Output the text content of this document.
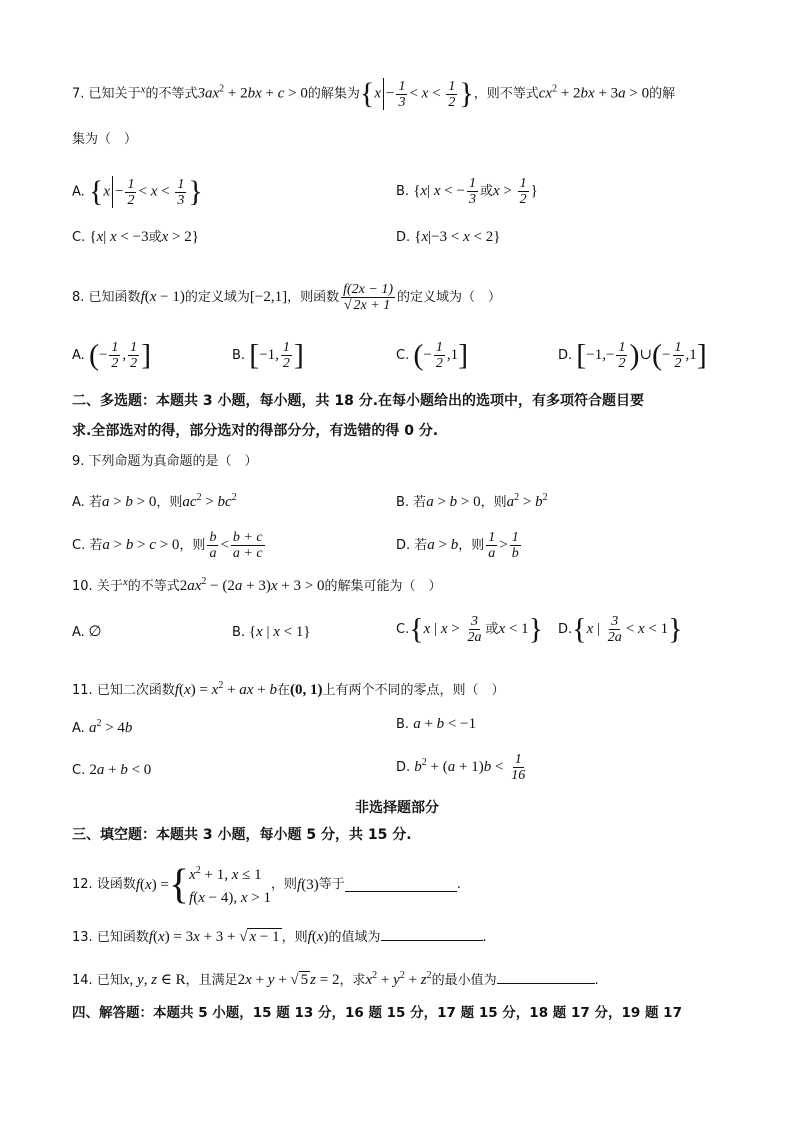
7. 已知关于$^x$的不等式$3ax^2 + 2bx + c > 0$的解集为{$x - \frac{1}{3} < x < \frac{1}{2}$ }，则不等式$cx^2 + 2bx + 3a > 0$的解
集为（　）
A. {$x - \frac{1}{2} < x < \frac{1}{3}$ }	B. {x| x < − $\frac{1}{3}$ 或$x > \frac{1}{2}$ }
C. {x| x < −3或x > 2}	D. {x|−3 < x < 2}
8. 已知函数f(x − 1)的定义域为[−2,1]，则函数 $\frac{f(2x - 1)}{√ 2x + 1}$ 的定义域为（　）
A. (− $\frac{1}{2}$ , $\frac{1}{2}$ ]	B. [−1, $\frac{1}{2}$ ]	C. (− $\frac{1}{2} ,1$]	D. [$-1,- \frac{1}{2}$ )∪(− $\frac{1}{2} ,1$]
二、多选题：本题共 3 小题，每小题，共 18 分.在每小题给出的选项中，有多项符合题目要
求.全部选对的得，部分选对的得部分分，有选错的得 0 分.
9. 下列命题为真命题的是（　）
A. 若a > b > 0，则$ac^2 > bc^2$	B. 若a > b > 0，则$a^2 > b^2$
C. 若a > b > c > 0，则 $\frac{b}{a} < \frac{b + c}{a + c}$	D. 若a > b，则 $\frac{1}{a} > \frac{1}{b}$
10. 关于$^x$的不等式$2ax^2 - (2a + 3)x + 3 > 0$的解集可能为（　）
A. ∅	B. {x | x < 1}	C.{x | $x > \frac{3}{2a}$ 或x < 1} D.{x | $\frac{3}{2a} < x < 1$}
11. 已知二次函数$f(x) = x^2$ + ax + b在(0, 1)上有两个不同的零点，则（　）
A. $a^2 > 4b$	B. a + b < −1
C. 2a + b < 0	D. $b^2 + (a + 1)b < \frac{1}{16}$
非选择题部分
三、填空题：本题共 3 小题，每小题 5 分，共 15 分.
12.
设函数 f ( x ) = { $x^2 + 1$, x ≤ 1
f(x − 4), x > 1
，则 f (3) 等于	.
13. 已知函数f(x) = 3x + 3 + √ x − 1 ，则f(x)的值域为	.
14. 已知x, y, z ∈ R，且满足2x + y + √ 5 z = 2，求$x^2 + y^2 + z^2$的最小值为	.
四、解答题：本题共 5 小题，15 题 13 分，16 题 15 分，17 题 15 分，18 题 17 分，19 题 17
